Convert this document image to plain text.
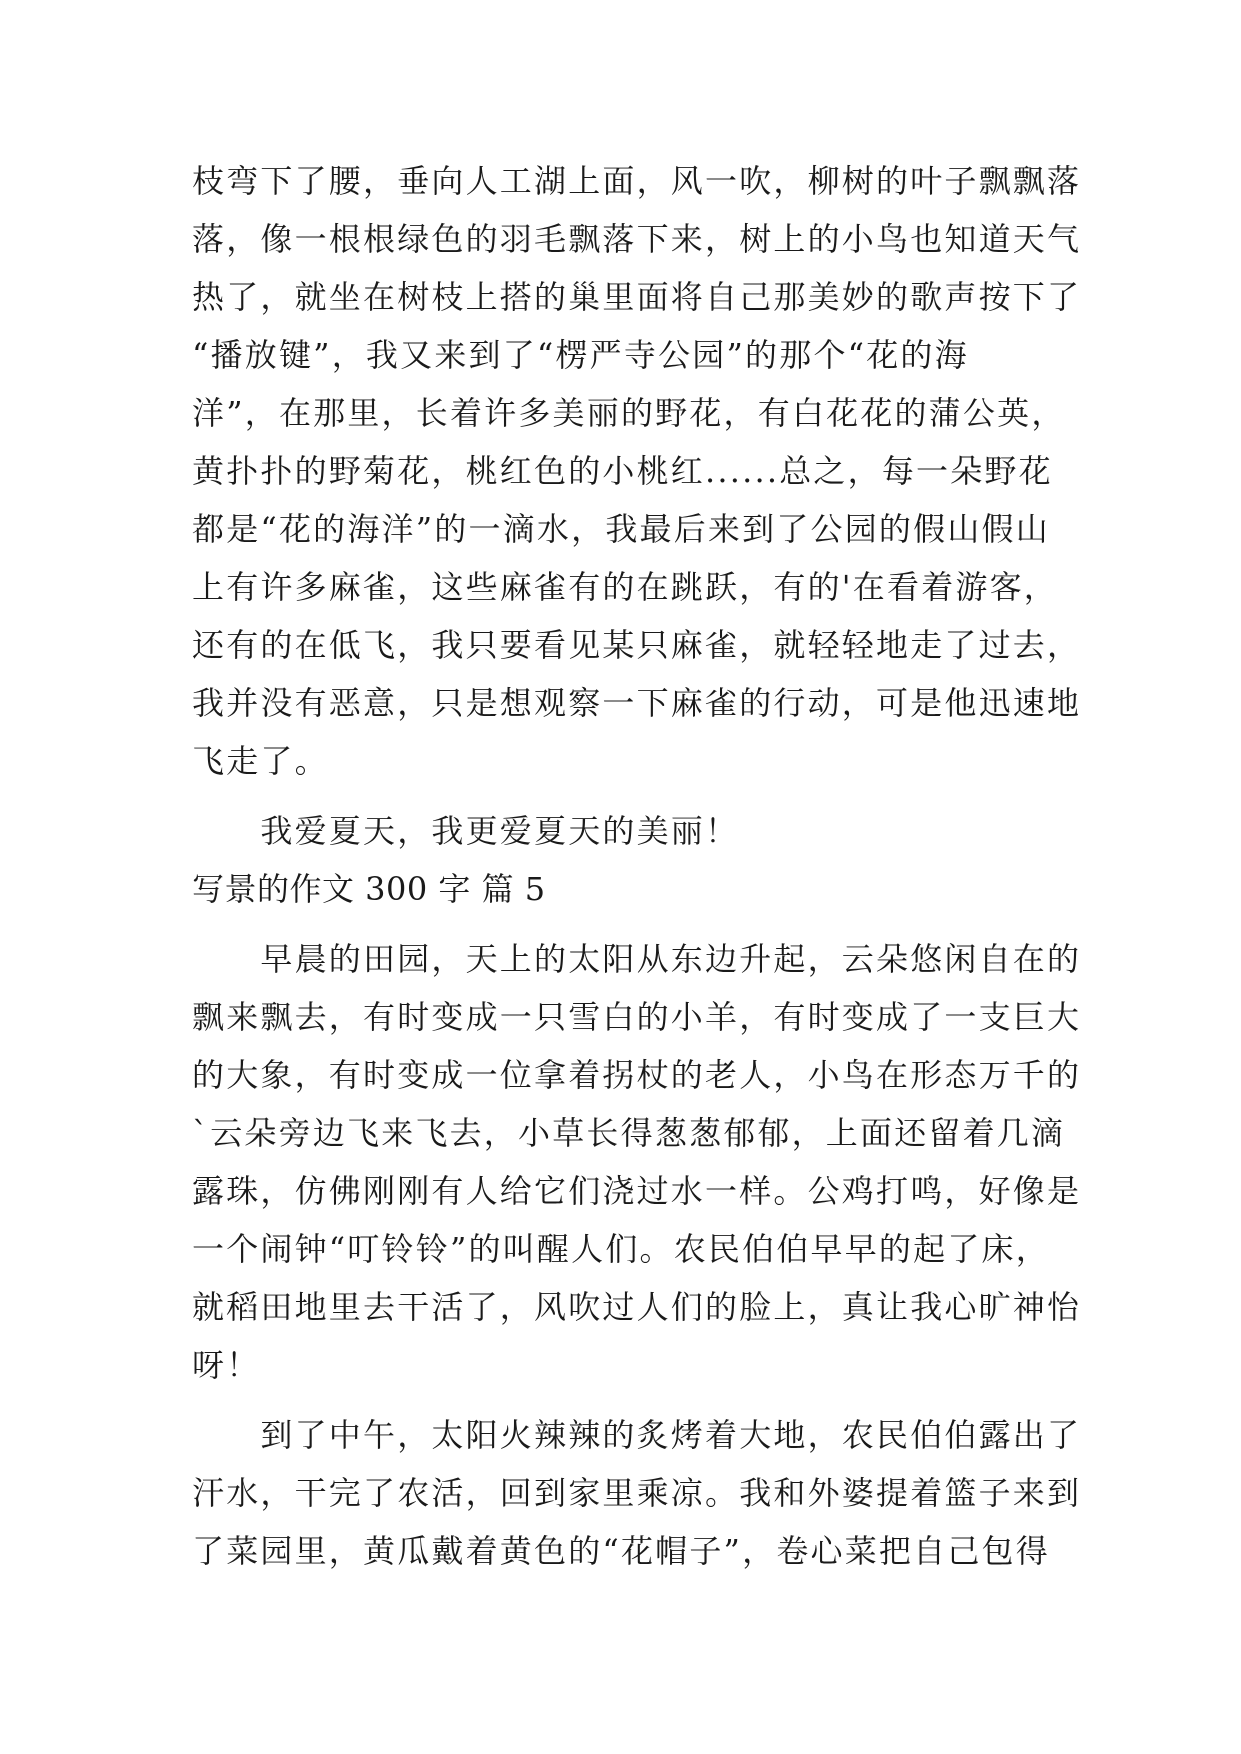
枝弯下了腰，垂向人工湖上面，风一吹，柳树的叶子飘飘落
落，像一根根绿色的羽毛飘落下来，树上的小鸟也知道天气
热了，就坐在树枝上搭的巢里面将自己那美妙的歌声按下了
“播放键”，我又来到了“楞严寺公园”的那个“花的海
洋”，在那里，长着许多美丽的野花，有白花花的蒲公英，
黄扑扑的野菊花，桃红色的小桃红......总之，每一朵野花
都是“花的海洋”的一滴水，我最后来到了公园的假山假山
上有许多麻雀，这些麻雀有的在跳跃，有的'在看着游客，
还有的在低飞，我只要看见某只麻雀，就轻轻地走了过去，
我并没有恶意，只是想观察一下麻雀的行动，可是他迅速地
飞走了。
　　我爱夏天，我更爱夏天的美丽！
写景的作文 300 字 篇 5
　　早晨的田园，天上的太阳从东边升起，云朵悠闲自在的
飘来飘去，有时变成一只雪白的小羊，有时变成了一支巨大
的大象，有时变成一位拿着拐杖的老人，小鸟在形态万千的
`云朵旁边飞来飞去，小草长得葱葱郁郁，上面还留着几滴
露珠，仿佛刚刚有人给它们浇过水一样。公鸡打鸣，好像是
一个闹钟“叮铃铃”的叫醒人们。农民伯伯早早的起了床，
就稻田地里去干活了，风吹过人们的脸上，真让我心旷神怡
呀！
　　到了中午，太阳火辣辣的炙烤着大地，农民伯伯露出了
汗水，干完了农活，回到家里乘凉。我和外婆提着篮子来到
了菜园里，黄瓜戴着黄色的“花帽子”，卷心菜把自己包得
